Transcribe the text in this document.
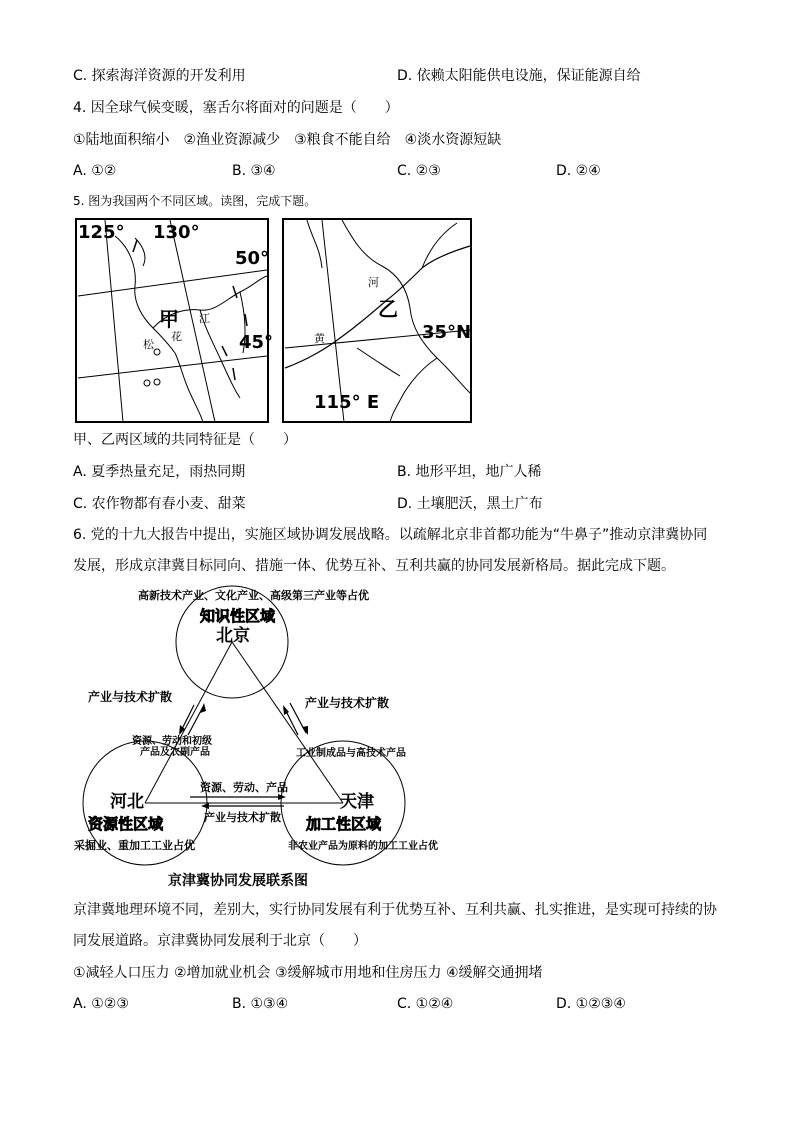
C. 探索海洋资源的开发利用	D. 依赖太阳能供电设施，保证能源自给
4. 因全球气候变暖，塞舌尔将面对的问题是（　　）
①陆地面积缩小　②渔业资源减少　③粮食不能自给　④淡水资源短缺
A. ①②	B. ③④	C. ②③	D. ②④
5. 图为我国两个不同区域。读图，完成下题。
125° 130°
50°
45°
甲 江
花
松
河
乙
黄	35°N
115° E
甲、乙两区域的共同特征是（　　）
A. 夏季热量充足，雨热同期	B. 地形平坦，地广人稀
C. 农作物都有春小麦、甜菜	D. 土壤肥沃，黑土广布
6. 党的十九大报告中提出，实施区域协调发展战略。以疏解北京非首都功能为“牛鼻子”推动京津冀协同
发展，形成京津冀目标同向、措施一体、优势互补、互利共赢的协同发展新格局。据此完成下题。
高新技术产业、文化产业、高级第三产业等占优
知识性区域
北京
产业与技术扩散	产业与技术扩散
资源、劳动和初级
产品及农副产品	工业制成品与高技术产品
资源、劳动、产品
产业与技术扩散
河北
资源性区域
采掘业、重加工工业占优
天津
加工性区域
非农业产品为原料的加工工业占优
京津冀协同发展联系图
京津冀地理环境不同，差别大，实行协同发展有利于优势互补、互利共赢、扎实推进，是实现可持续的协
同发展道路。京津冀协同发展利于北京（　　）
①减轻人口压力 ②增加就业机会 ③缓解城市用地和住房压力 ④缓解交通拥堵
A. ①②③	B. ①③④	C. ①②④	D. ①②③④
